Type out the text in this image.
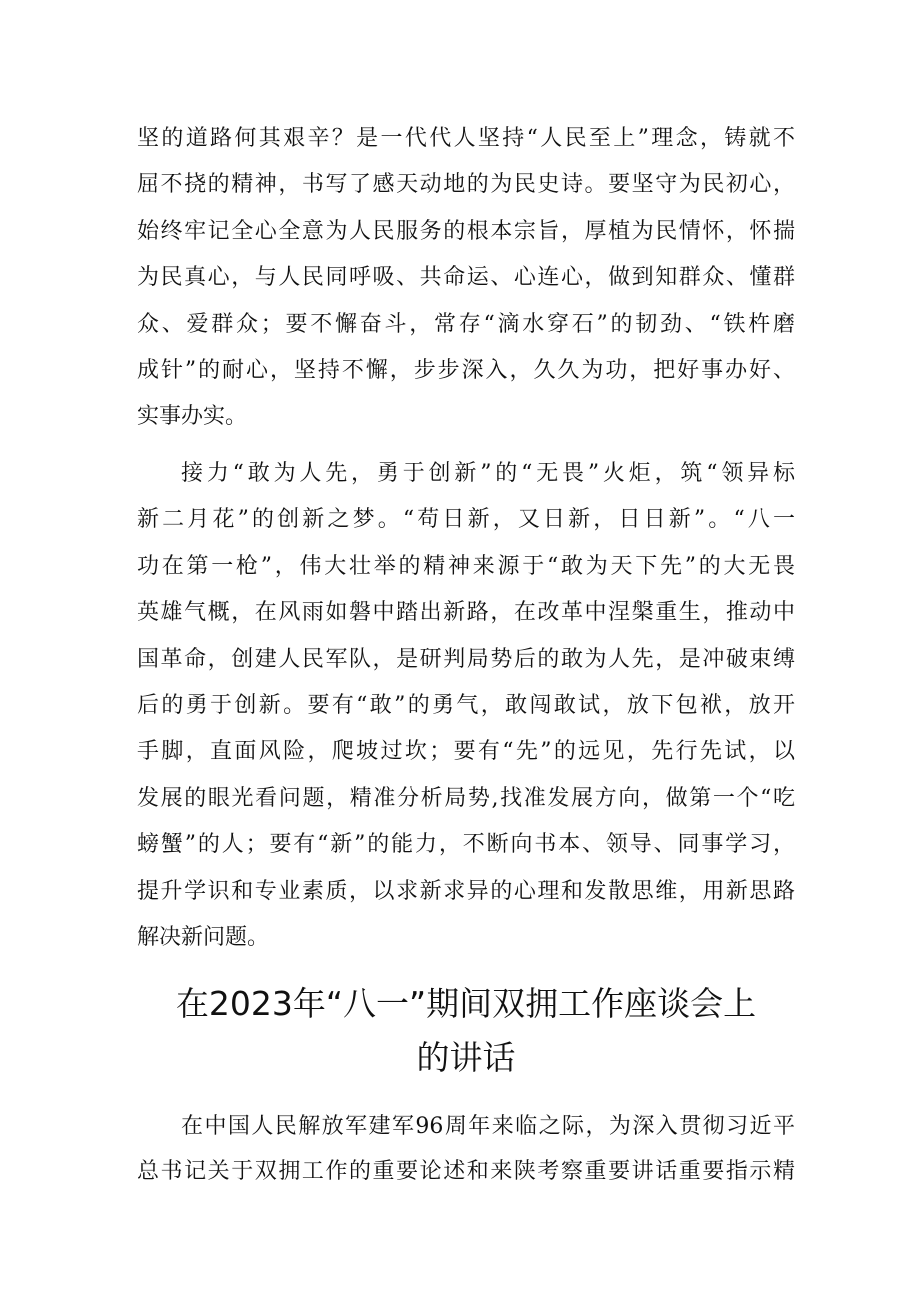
坚的道路何其艰辛？是一代代人坚持“人民至上”理念，铸就不
屈不挠的精神，书写了感天动地的为民史诗。要坚守为民初心，
始终牢记全心全意为人民服务的根本宗旨，厚植为民情怀，怀揣
为民真心，与人民同呼吸、共命运、心连心，做到知群众、懂群
众、爱群众；要不懈奋斗，常存“滴水穿石”的韧劲、“铁杵磨
成针”的耐心，坚持不懈，步步深入，久久为功，把好事办好、
实事办实。
接力“敢为人先，勇于创新”的“无畏”火炬，筑“领异标
新二月花”的创新之梦。“苟日新，又日新，日日新”。“八一
功在第一枪”，伟大壮举的精神来源于“敢为天下先”的大无畏
英雄气概，在风雨如磐中踏出新路，在改革中涅槃重生，推动中
国革命，创建人民军队，是研判局势后的敢为人先，是冲破束缚
后的勇于创新。要有“敢”的勇气，敢闯敢试，放下包袱，放开
手脚，直面风险，爬坡过坎；要有“先”的远见，先行先试，以
发展的眼光看问题，精准分析局势,找准发展方向，做第一个“吃
螃蟹”的人；要有“新”的能力，不断向书本、领导、同事学习，
提升学识和专业素质，以求新求异的心理和发散思维，用新思路
解决新问题。
在2023年“八一”期间双拥工作座谈会上
的讲话
在中国人民解放军建军96周年来临之际，为深入贯彻习近平
总书记关于双拥工作的重要论述和来陕考察重要讲话重要指示精
